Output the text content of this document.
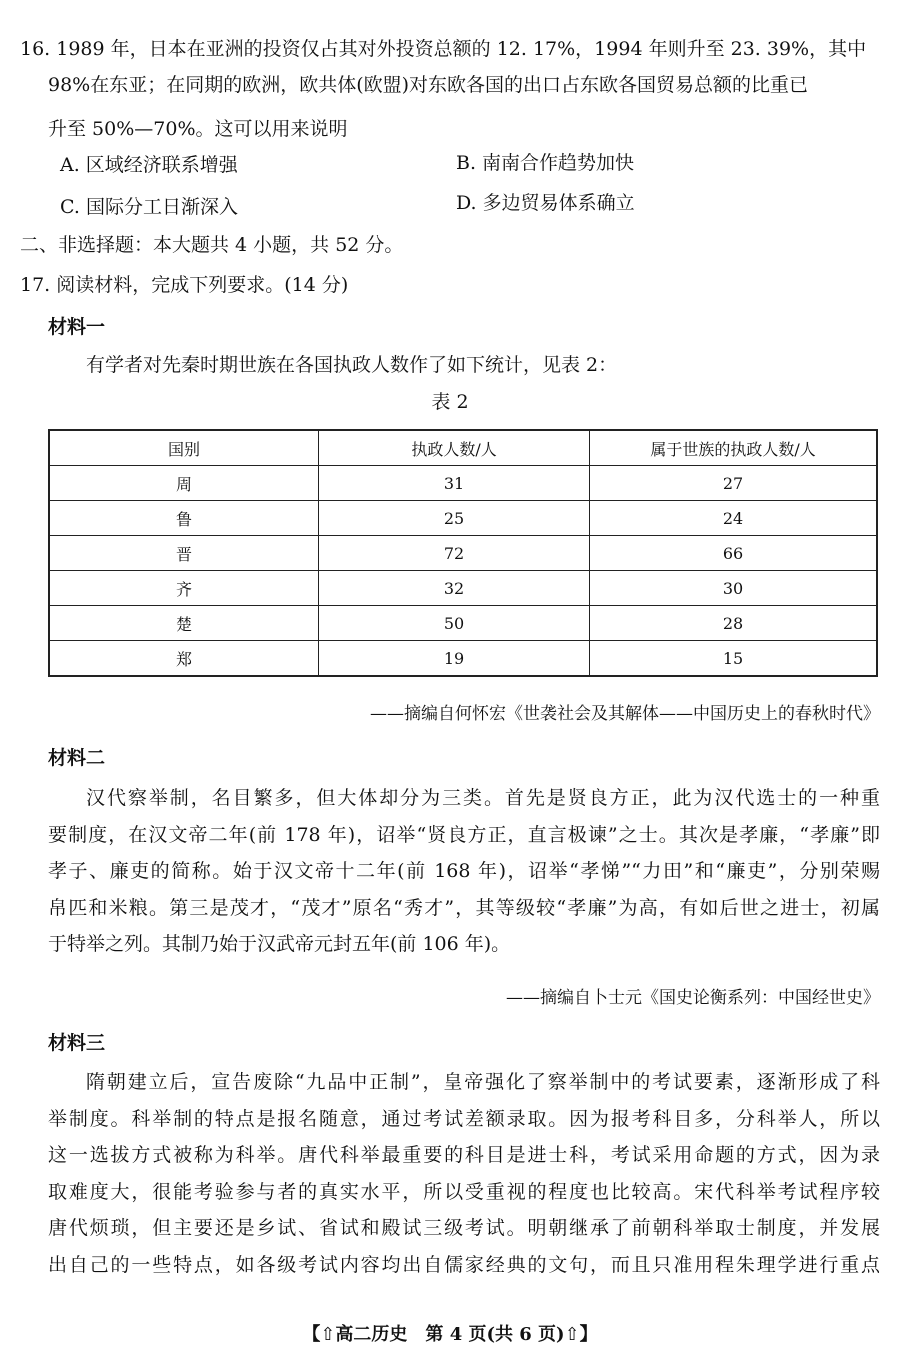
16. 1989 年，日本在亚洲的投资仅占其对外投资总额的 12. 17%，1994 年则升至 23. 39%，其中
98%在东亚；在同期的欧洲，欧共体(欧盟)对东欧各国的出口占东欧各国贸易总额的比重已
升至 50%—70%。这可以用来说明
A. 区域经济联系增强	B. 南南合作趋势加快
C. 国际分工日渐深入	D. 多边贸易体系确立
二、非选择题：本大题共 4 小题，共 52 分。
17. 阅读材料，完成下列要求。(14 分)
材料一
有学者对先秦时期世族在各国执政人数作了如下统计，见表 2：
表 2
国别	执政人数/人	属于世族的执政人数/人
周	31	27
鲁	25	24
晋	72	66
齐	32	30
楚	50	28
郑	19	15
——摘编自何怀宏《世袭社会及其解体——中国历史上的春秋时代》
材料二
汉代察举制，名目繁多，但大体却分为三类。首先是贤良方正，此为汉代选士的一种重
要制度，在汉文帝二年(前 178 年)，诏举“贤良方正，直言极谏”之士。其次是孝廉，“孝廉”即
孝子、廉吏的简称。始于汉文帝十二年(前 168 年)，诏举“孝悌”“力田”和“廉吏”，分别荣赐
帛匹和米粮。第三是茂才，“茂才”原名“秀才”，其等级较“孝廉”为高，有如后世之进士，初属
于特举之列。其制乃始于汉武帝元封五年(前 106 年)。
——摘编自卜士元《国史论衡系列：中国经世史》
材料三
隋朝建立后，宣告废除“九品中正制”，皇帝强化了察举制中的考试要素，逐渐形成了科
举制度。科举制的特点是报名随意，通过考试差额录取。因为报考科目多，分科举人，所以
这一选拔方式被称为科举。唐代科举最重要的科目是进士科，考试采用命题的方式，因为录
取难度大，很能考验参与者的真实水平，所以受重视的程度也比较高。宋代科举考试程序较
唐代烦琐，但主要还是乡试、省试和殿试三级考试。明朝继承了前朝科举取士制度，并发展
出自己的一些特点，如各级考试内容均出自儒家经典的文句，而且只准用程朱理学进行重点
【⇧高二历史　第 4 页(共 6 页)⇧】
